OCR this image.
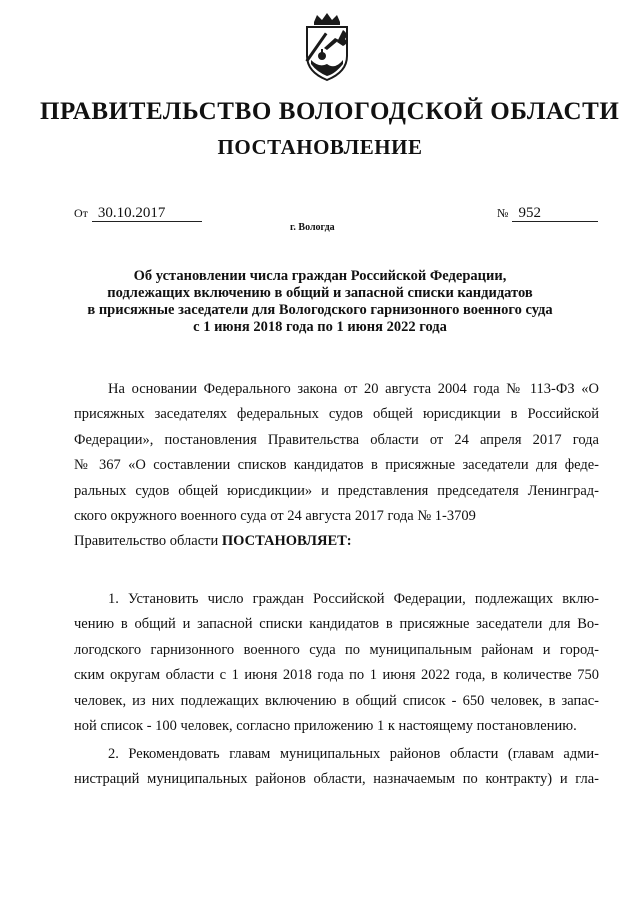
ПРАВИТЕЛЬСТВО ВОЛОГОДСКОЙ ОБЛАСТИ
ПОСТАНОВЛЕНИЕ
От 30.10.2017	№ 952
г. Вологда
Об установлении числа граждан Российской Федерации,
подлежащих включению в общий и запасной списки кандидатов
в присяжные заседатели для Вологодского гарнизонного военного суда
с 1 июня 2018 года по 1 июня 2022 года
На основании Федерального закона от 20 августа 2004 года № 113-ФЗ «О
присяжных заседателях федеральных судов общей юрисдикции в Российской
Федерации», постановления Правительства области от 24 апреля 2017 года
№ 367 «О составлении списков кандидатов в присяжные заседатели для феде-
ральных судов общей юрисдикции» и представления председателя Ленинград-
ского окружного военного суда от 24 августа 2017 года № 1-3709
Правительство области ПОСТАНОВЛЯЕТ:
1. Установить число граждан Российской Федерации, подлежащих вклю-
чению в общий и запасной списки кандидатов в присяжные заседатели для Во-
логодского гарнизонного военного суда по муниципальным районам и город-
ским округам области с 1 июня 2018 года по 1 июня 2022 года, в количестве 750
человек, из них подлежащих включению в общий список - 650 человек, в запас-
ной список - 100 человек, согласно приложению 1 к настоящему постановлению.
2. Рекомендовать главам муниципальных районов области (главам адми-
нистраций муниципальных районов области, назначаемым по контракту) и гла-
